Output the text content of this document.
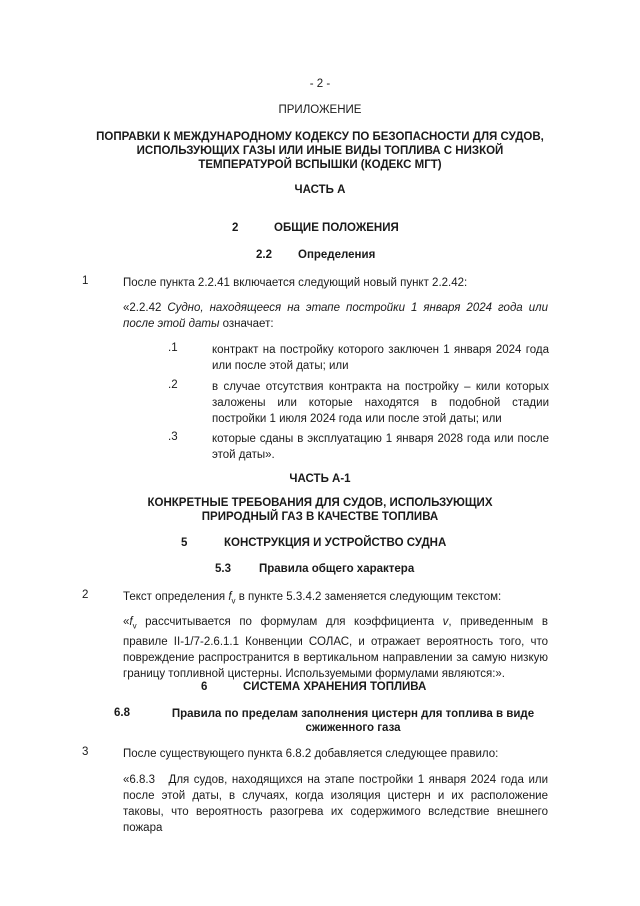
- 2 -
ПРИЛОЖЕНИЕ
ПОПРАВКИ К МЕЖДУНАРОДНОМУ КОДЕКСУ ПО БЕЗОПАСНОСТИ ДЛЯ СУДОВ,
ИСПОЛЬЗУЮЩИХ ГАЗЫ ИЛИ ИНЫЕ ВИДЫ ТОПЛИВА С НИЗКОЙ
ТЕМПЕРАТУРОЙ ВСПЫШКИ (КОДЕКС МГТ)
ЧАСТЬ А
2	ОБЩИЕ ПОЛОЖЕНИЯ
2.2 Определения
1	После пункта 2.2.41 включается следующий новый пункт 2.2.42:
«2.2.42 Судно, находящееся на этапе постройки 1 января 2024 года или после этой даты означает:
.1	контракт на постройку которого заключен 1 января 2024 года или после этой даты; или
.2	в случае отсутствия контракта на постройку – кили которых заложены или которые находятся в подобной стадии постройки 1 июля 2024 года или после этой даты; или
.3	которые сданы в эксплуатацию 1 января 2028 года или после этой даты».
ЧАСТЬ А-1
КОНКРЕТНЫЕ ТРЕБОВАНИЯ ДЛЯ СУДОВ, ИСПОЛЬЗУЮЩИХ
ПРИРОДНЫЙ ГАЗ В КАЧЕСТВЕ ТОПЛИВА
5	КОНСТРУКЦИЯ И УСТРОЙСТВО СУДНА
5.3 Правила общего характера
2	Текст определения $f_v$ в пункте 5.3.4.2 заменяется следующим текстом:
«$f_v$ рассчитывается по формулам для коэффициента v, приведенным в правиле II-1/7-2.6.1.1 Конвенции СОЛАС, и отражает вероятность того, что повреждение распространится в вертикальном направлении за самую низкую границу топливной цистерны. Используемыми формулами являются:».
6	СИСТЕМА ХРАНЕНИЯ ТОПЛИВА
6.8	Правила по пределам заполнения цистерн для топлива в виде
сжиженного газа
3	После существующего пункта 6.8.2 добавляется следующее правило:
«6.8.3   Для судов, находящихся на этапе постройки 1 января 2024 года или после этой даты, в случаях, когда изоляция цистерн и их расположение таковы, что вероятность разогрева их содержимого вследствие внешнего пожара
